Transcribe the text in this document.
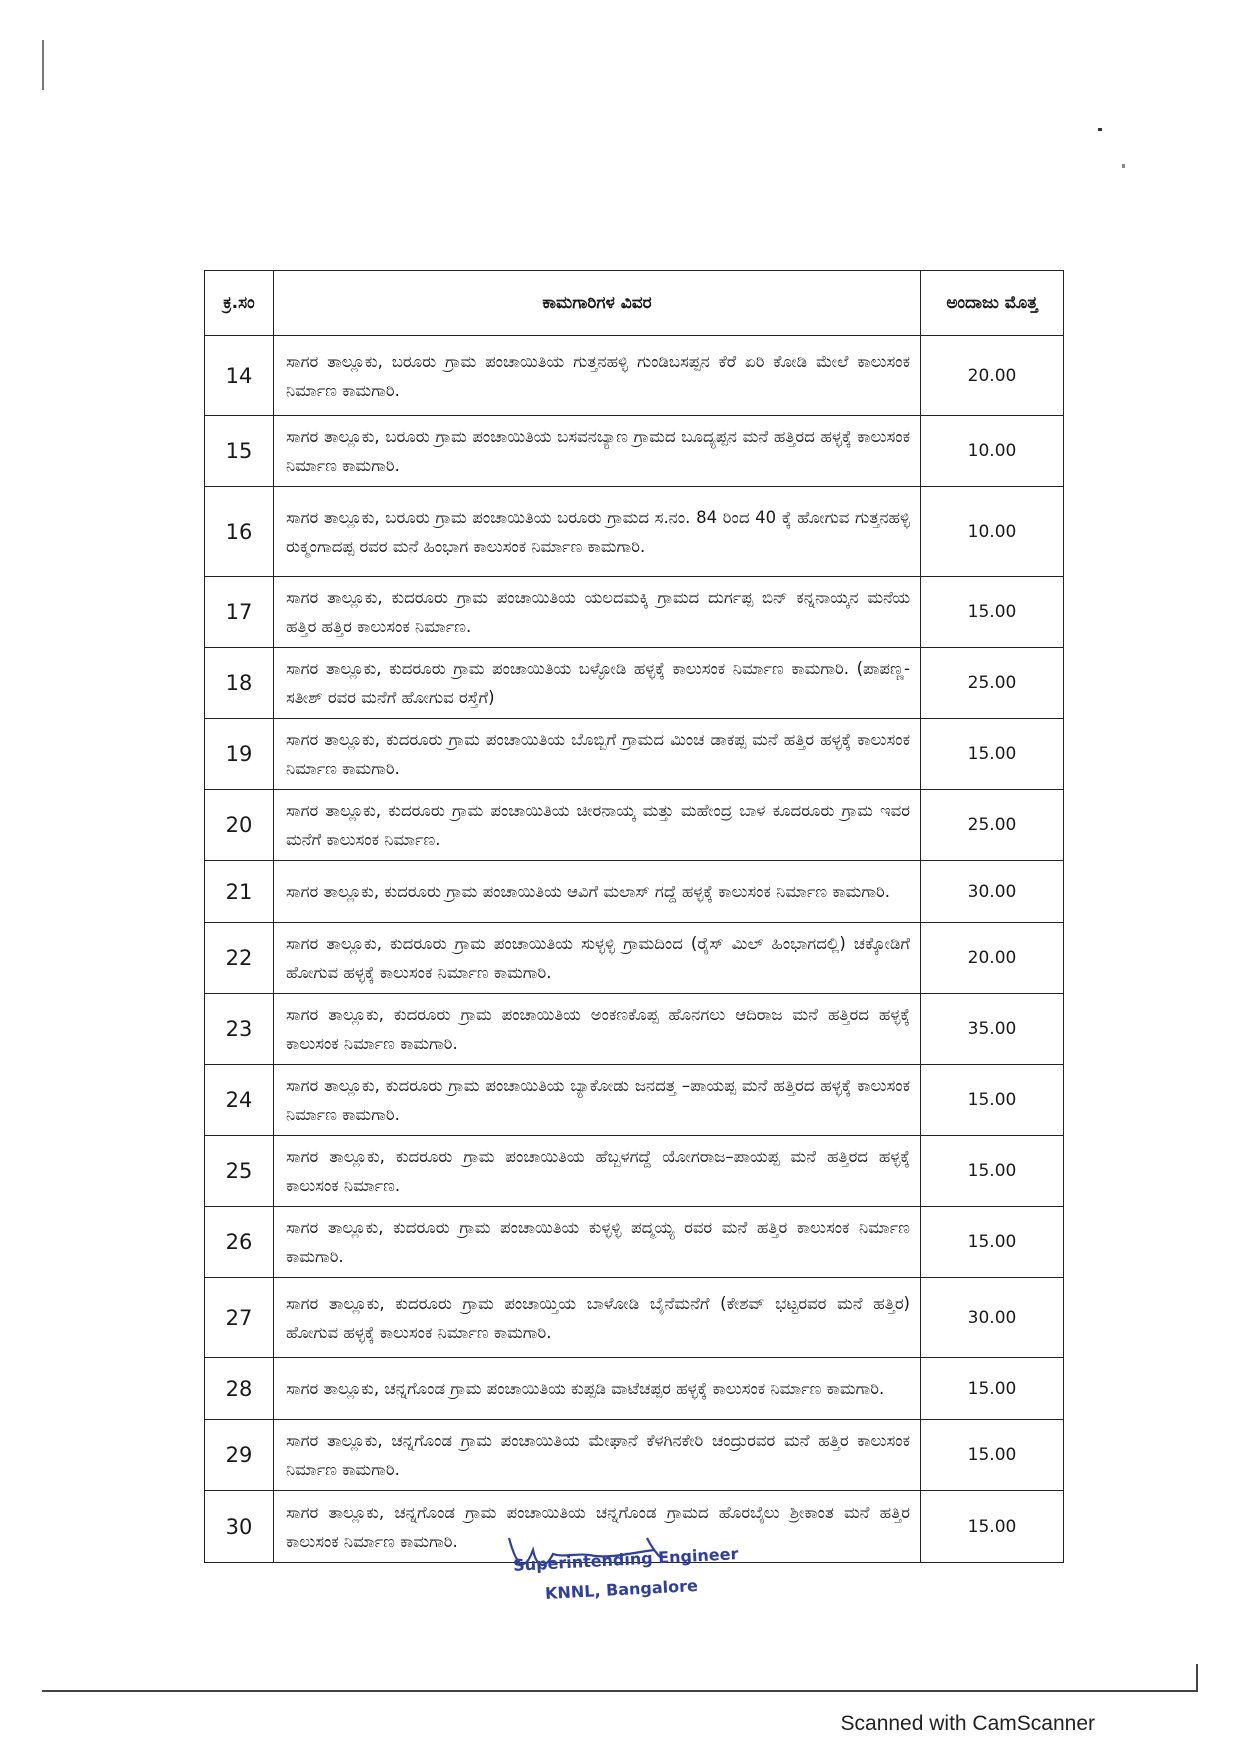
ಕ್ರ.ಸಂ	ಕಾಮಗಾರಿಗಳ ವಿವರ	ಅಂದಾಜು ಮೊತ್ತ
14	ಸಾಗರ ತಾಲ್ಲೂಕು, ಬರೂರು ಗ್ರಾಮ ಪಂಚಾಯಿತಿಯ ಗುತ್ತನಹಳ್ಳಿ ಗುಂಡಿಬಸಪ್ಪನ ಕೆರೆ ಏರಿ ಕೋಡಿ ಮೇಲೆ ಕಾಲುಸಂಕ ನಿರ್ಮಾಣ ಕಾಮಗಾರಿ.	20.00
15	ಸಾಗರ ತಾಲ್ಲೂಕು, ಬರೂರು ಗ್ರಾಮ ಪಂಚಾಯಿತಿಯ ಬಸವನಬ್ಯಾಣ ಗ್ರಾಮದ ಬೂದ್ಯಪ್ಪನ ಮನೆ ಹತ್ತಿರದ ಹಳ್ಳಕ್ಕೆ ಕಾಲುಸಂಕ ನಿರ್ಮಾಣ ಕಾಮಗಾರಿ.	10.00
16	ಸಾಗರ ತಾಲ್ಲೂಕು, ಬರೂರು ಗ್ರಾಮ ಪಂಚಾಯಿತಿಯ ಬರೂರು ಗ್ರಾಮದ ಸ.ನಂ. 84 ರಿಂದ 40 ಕ್ಕೆ ಹೋಗುವ ಗುತ್ತನಹಳ್ಳಿ ರುಕ್ಮಂಗಾದಪ್ಪ ರವರ ಮನೆ ಹಿಂಭಾಗ ಕಾಲುಸಂಕ ನಿರ್ಮಾಣ ಕಾಮಗಾರಿ.	10.00
17	ಸಾಗರ ತಾಲ್ಲೂಕು, ಕುದರೂರು ಗ್ರಾಮ ಪಂಚಾಯಿತಿಯ ಯಲದಮಕ್ಕಿ ಗ್ರಾಮದ ದುರ್ಗಪ್ಪ ಬಿನ್ ಕನ್ನನಾಯ್ಕನ ಮನೆಯ ಹತ್ತಿರ ಹತ್ತಿರ ಕಾಲುಸಂಕ ನಿರ್ಮಾಣ.	15.00
18	ಸಾಗರ ತಾಲ್ಲೂಕು, ಕುದರೂರು ಗ್ರಾಮ ಪಂಚಾಯಿತಿಯ ಬಳ್ಳೋಡಿ ಹಳ್ಳಕ್ಕೆ ಕಾಲುಸಂಕ ನಿರ್ಮಾಣ ಕಾಮಗಾರಿ. (ಪಾಪಣ್ಣ-ಸತೀಶ್ ರವರ ಮನೆಗೆ ಹೋಗುವ ರಸ್ತೆಗೆ)	25.00
19	ಸಾಗರ ತಾಲ್ಲೂಕು, ಕುದರೂರು ಗ್ರಾಮ ಪಂಚಾಯಿತಿಯ ಬೊಬ್ಬಿಗೆ ಗ್ರಾಮದ ಮಿಂಚ ಡಾಕಪ್ಪ ಮನೆ ಹತ್ತಿರ ಹಳ್ಳಕ್ಕೆ ಕಾಲುಸಂಕ ನಿರ್ಮಾಣ ಕಾಮಗಾರಿ.	15.00
20	ಸಾಗರ ತಾಲ್ಲೂಕು, ಕುದರೂರು ಗ್ರಾಮ ಪಂಚಾಯಿತಿಯ ಚೀರನಾಯ್ಕ ಮತ್ತು ಮಹೇಂದ್ರ ಬಾಳ ಕೂದರೂರು ಗ್ರಾಮ ಇವರ ಮನೆಗೆ ಕಾಲುಸಂಕ ನಿರ್ಮಾಣ.	25.00
21	ಸಾಗರ ತಾಲ್ಲೂಕು, ಕುದರೂರು ಗ್ರಾಮ ಪಂಚಾಯಿತಿಯ ಆವಿಗೆ ಮಲಾಸ್ ಗದ್ದೆ ಹಳ್ಳಕ್ಕೆ ಕಾಲುಸಂಕ ನಿರ್ಮಾಣ ಕಾಮಗಾರಿ.	30.00
22	ಸಾಗರ ತಾಲ್ಲೂಕು, ಕುದರೂರು ಗ್ರಾಮ ಪಂಚಾಯಿತಿಯ ಸುಳ್ಳಳ್ಳಿ ಗ್ರಾಮದಿಂದ (ರೈಸ್ ಮಿಲ್ ಹಿಂಭಾಗದಲ್ಲಿ) ಚಕ್ಕೋಡಿಗೆ ಹೋಗುವ ಹಳ್ಳಕ್ಕೆ ಕಾಲುಸಂಕ ನಿರ್ಮಾಣ ಕಾಮಗಾರಿ.	20.00
23	ಸಾಗರ ತಾಲ್ಲೂಕು, ಕುದರೂರು ಗ್ರಾಮ ಪಂಚಾಯಿತಿಯ ಅಂಕಣಕೊಪ್ಪ ಹೊನಗಲು ಆದಿರಾಜ ಮನೆ ಹತ್ತಿರದ ಹಳ್ಳಕ್ಕೆ ಕಾಲುಸಂಕ ನಿರ್ಮಾಣ ಕಾಮಗಾರಿ.	35.00
24	ಸಾಗರ ತಾಲ್ಲೂಕು, ಕುದರೂರು ಗ್ರಾಮ ಪಂಚಾಯಿತಿಯ ಬ್ಯಾಕೋಡು ಜನದತ್ತ –ಪಾಯಪ್ಪ ಮನೆ ಹತ್ತಿರದ ಹಳ್ಳಕ್ಕೆ ಕಾಲುಸಂಕ ನಿರ್ಮಾಣ ಕಾಮಗಾರಿ.	15.00
25	ಸಾಗರ ತಾಲ್ಲೂಕು, ಕುದರೂರು ಗ್ರಾಮ ಪಂಚಾಯಿತಿಯ ಹೆಬ್ಬಳಗದ್ದೆ ಯೋಗರಾಜ–ಪಾಯಪ್ಪ ಮನೆ ಹತ್ತಿರದ ಹಳ್ಳಕ್ಕೆ ಕಾಲುಸಂಕ ನಿರ್ಮಾಣ.	15.00
26	ಸಾಗರ ತಾಲ್ಲೂಕು, ಕುದರೂರು ಗ್ರಾಮ ಪಂಚಾಯಿತಿಯ ಕುಳ್ಳಳ್ಳಿ ಪದ್ಮಯ್ಯ ರವರ ಮನೆ ಹತ್ತಿರ ಕಾಲುಸಂಕ ನಿರ್ಮಾಣ ಕಾಮಗಾರಿ.	15.00
27	ಸಾಗರ ತಾಲ್ಲೂಕು, ಕುದರೂರು ಗ್ರಾಮ ಪಂಚಾಯ್ತಿಯ ಬಾಳೋಡಿ ಬೈನೆಮನೆಗೆ (ಕೇಶವ್ ಭಟ್ಟರವರ ಮನೆ ಹತ್ತಿರ) ಹೋಗುವ ಹಳ್ಳಕ್ಕೆ ಕಾಲುಸಂಕ ನಿರ್ಮಾಣ ಕಾಮಗಾರಿ.	30.00
28	ಸಾಗರ ತಾಲ್ಲೂಕು, ಚನ್ನಗೊಂಡ ಗ್ರಾಮ ಪಂಚಾಯಿತಿಯ ಕುಪ್ಪಡಿ ವಾಟೆಚಪ್ಪರ ಹಳ್ಳಕ್ಕೆ ಕಾಲುಸಂಕ ನಿರ್ಮಾಣ ಕಾಮಗಾರಿ.	15.00
29	ಸಾಗರ ತಾಲ್ಲೂಕು, ಚನ್ನಗೊಂಡ ಗ್ರಾಮ ಪಂಚಾಯಿತಿಯ ಮೇಘಾನೆ ಕೆಳಗಿನಕೇರಿ ಚಂದ್ರುರವರ ಮನೆ ಹತ್ತಿರ ಕಾಲುಸಂಕ ನಿರ್ಮಾಣ ಕಾಮಗಾರಿ.	15.00
30	ಸಾಗರ ತಾಲ್ಲೂಕು, ಚನ್ನಗೊಂಡ ಗ್ರಾಮ ಪಂಚಾಯಿತಿಯ ಚನ್ನಗೊಂಡ ಗ್ರಾಮದ ಹೊರಬೈಲು ಶ್ರೀಕಾಂತ ಮನೆ ಹತ್ತಿರ ಕಾಲುಸಂಕ ನಿರ್ಮಾಣ ಕಾಮಗಾರಿ.	15.00
Superintending Engineer
KNNL, Bangalore
Scanned with CamScanner
